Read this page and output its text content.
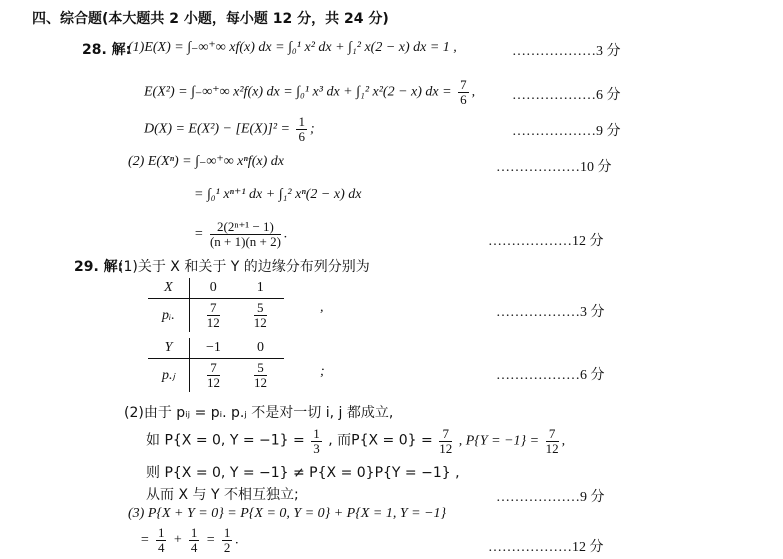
四、综合题(本大题共 2 小题，每小题 12 分，共 24 分)
28. 解:
(1)E(X) = ∫₋∞⁺∞ xf(x) dx = ∫₀¹ x² dx + ∫₁² x(2 − x) dx = 1 ,	………………3 分
E(X²) = ∫₋∞⁺∞ x²f(x) dx = ∫₀¹ x³ dx + ∫₁² x²(2 − x) dx = $\frac{7}{6}$ ,	………………6 分
$D(X) = E(X^2) - [E(X)]^2 = \frac{1}{6}$ ;	………………9 分
(2) E(Xⁿ) = ∫₋∞⁺∞ xⁿf(x) dx	………………10 分
= ∫₀¹ xⁿ⁺¹ dx + ∫₁² xⁿ(2 − x) dx
= $\frac{\text{2(2ⁿ⁺¹ − 1)}}{(n + 1)(n + 2)}$ .	………………12 分
29. 解:
(1)关于 X 和关于 Y 的边缘分布列分别为
X	0	1
pᵢ.	$\frac{7}{12}$	$\frac{5}{12}$	,	………………3 分
Y	−1	0
p.ⱼ	$\frac{7}{12}$	$\frac{5}{12}$	;	………………6 分
(2)由于 pᵢⱼ = pᵢ. p.ⱼ 不是对一切 i, j 都成立,
如 P{X = 0, $Y = -1\} = \frac{1}{3}$ , 而$P\{X = 0\} = \frac{7}{12}$ , $P\{Y = -1\} = \frac{7}{12}$ ,
则 P{X = 0, Y = −1} ≠ P{X = 0}P{Y = −1} ,
从而 X 与 Y 不相互独立;	………………9 分
(3) P{X + Y = 0} = P{X = 0, Y = 0} + P{X = 1, Y = −1}
= $\frac{1}{4} + \frac{1}{4} = \frac{1}{2}$ .	………………12 分
